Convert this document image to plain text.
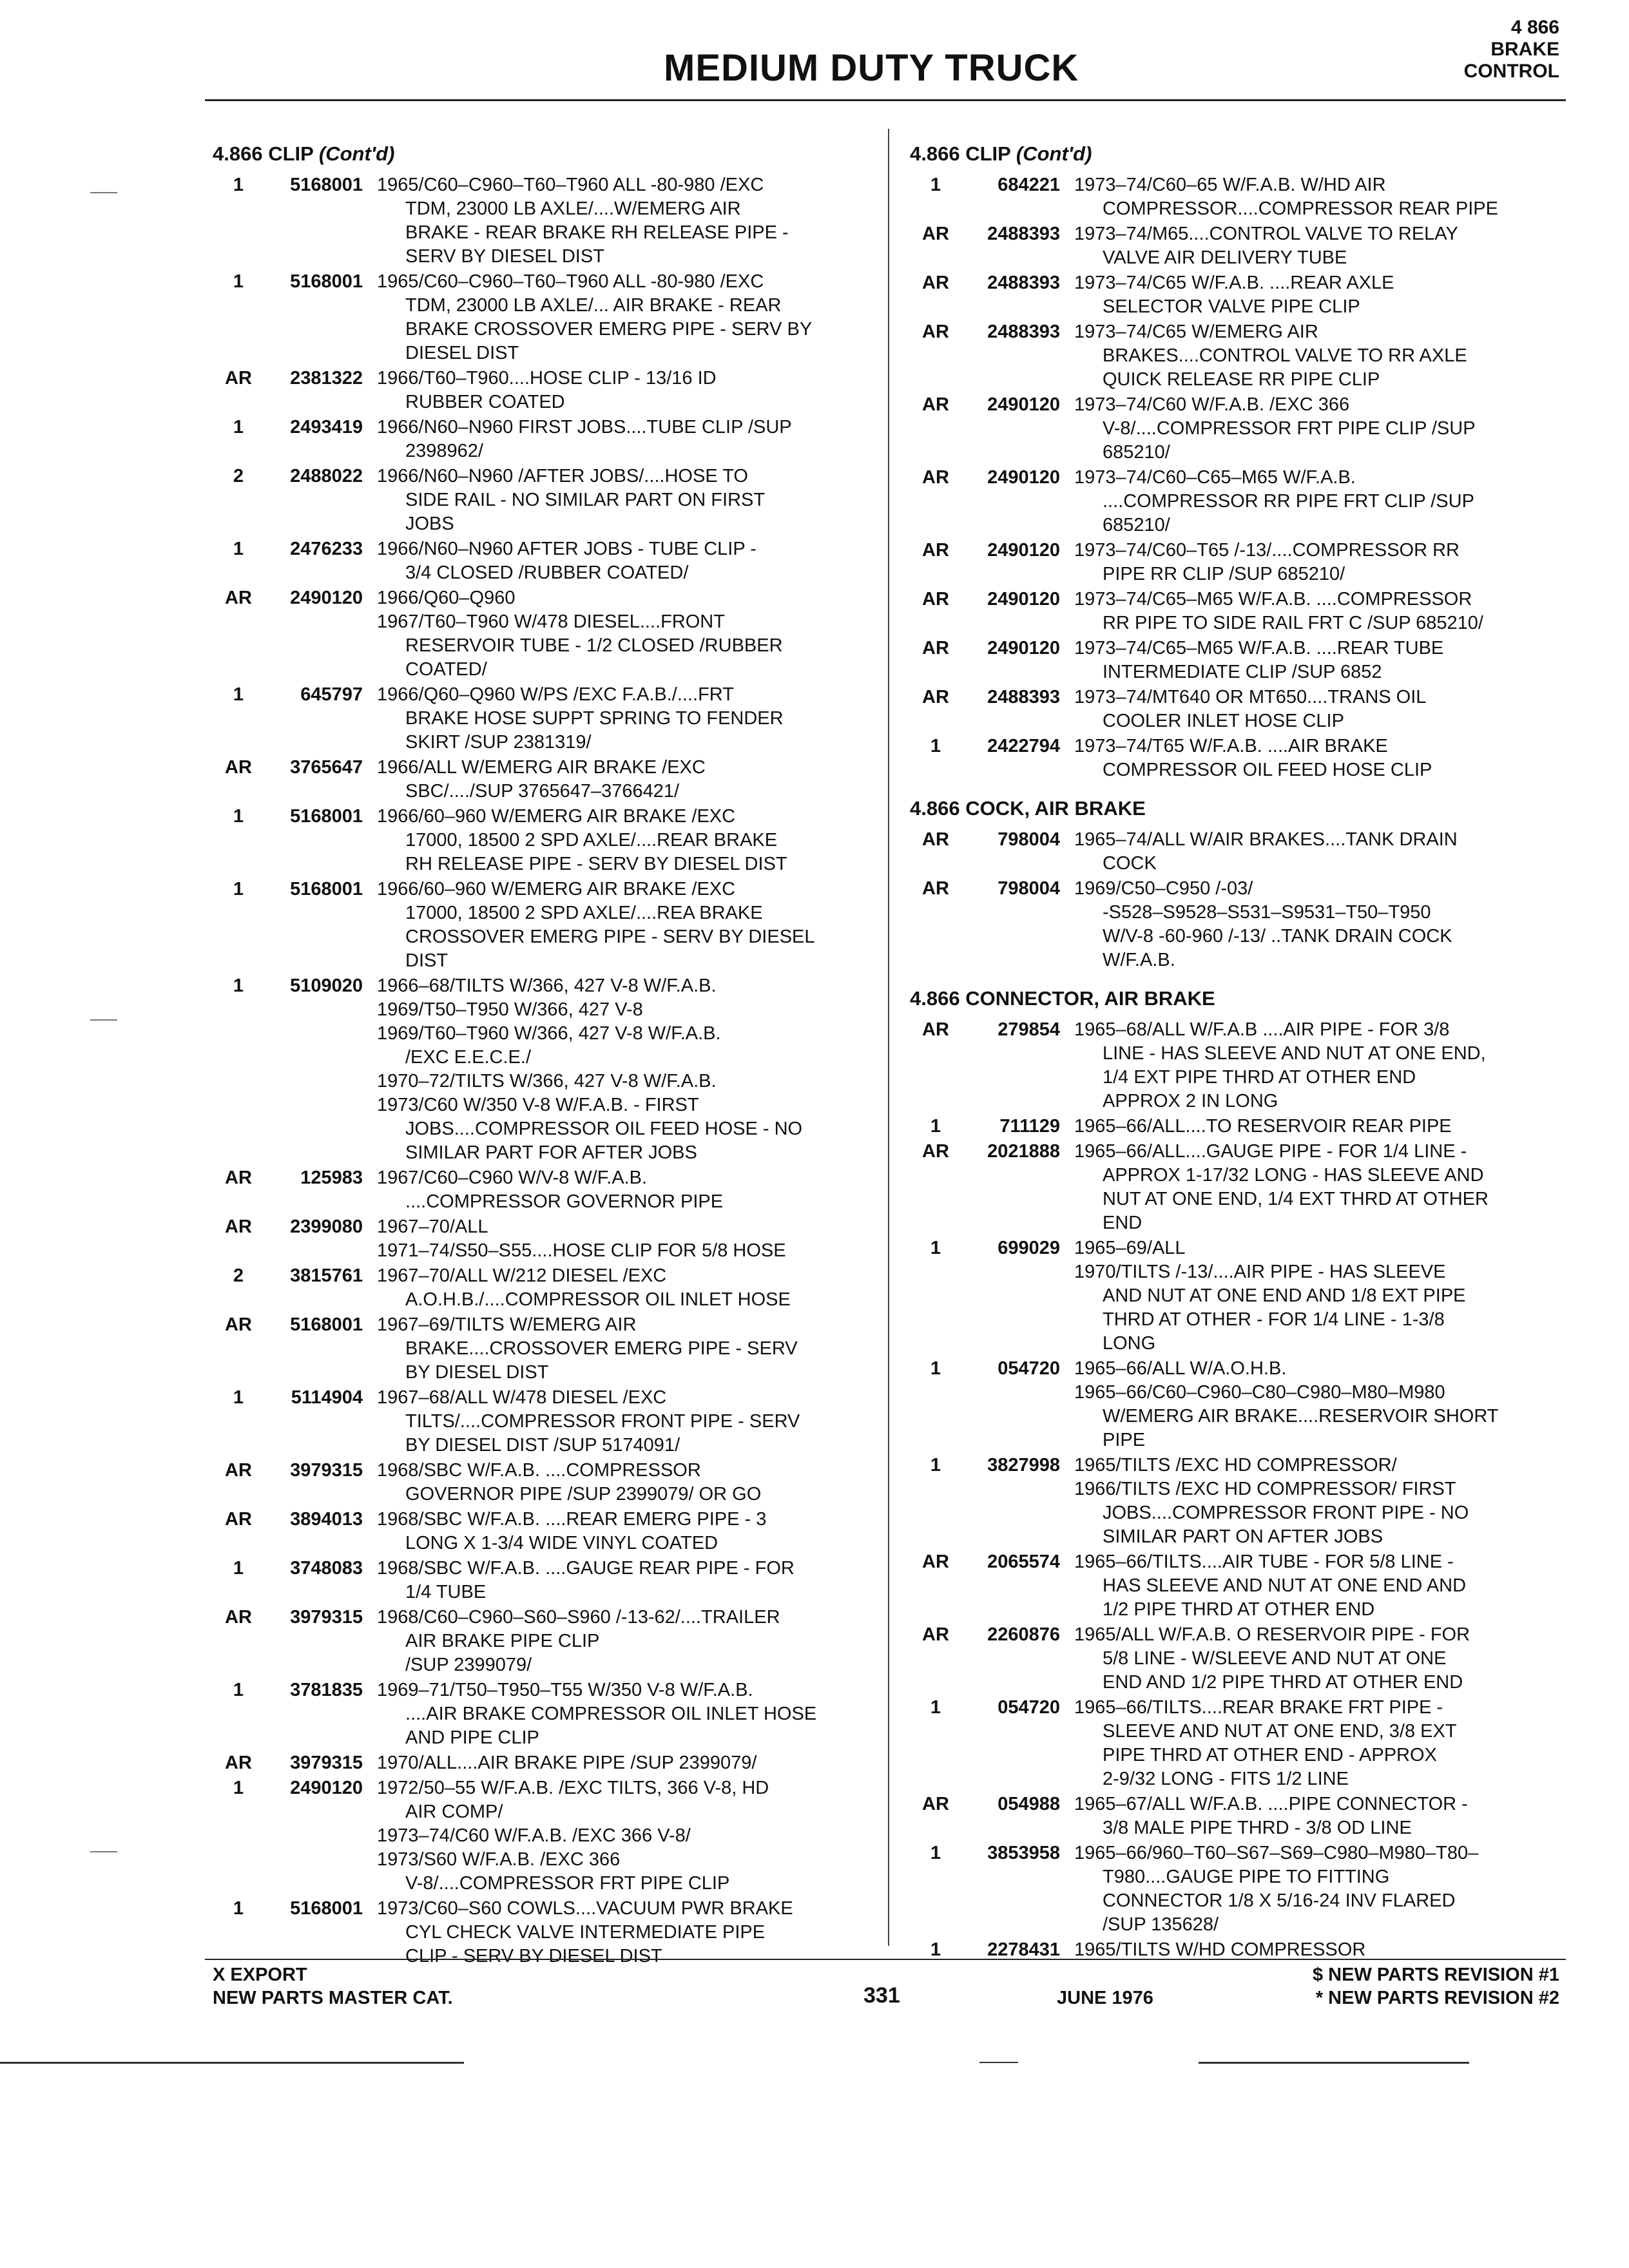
MEDIUM DUTY TRUCK
4 866
BRAKE
CONTROL
4.866 CLIP (Cont'd)
1	5168001 1965/C60–C960–T60–T960 ALL -80-980 /EXC
TDM, 23000 LB AXLE/....W/EMERG AIR
BRAKE - REAR BRAKE RH RELEASE PIPE -
SERV BY DIESEL DIST
1	5168001 1965/C60–C960–T60–T960 ALL -80-980 /EXC
TDM, 23000 LB AXLE/... AIR BRAKE - REAR
BRAKE CROSSOVER EMERG PIPE - SERV BY
DIESEL DIST
AR	2381322 1966/T60–T960....HOSE CLIP - 13/16 ID
RUBBER COATED
1	2493419 1966/N60–N960 FIRST JOBS....TUBE CLIP /SUP
2398962/
2	2488022 1966/N60–N960 /AFTER JOBS/....HOSE TO
SIDE RAIL - NO SIMILAR PART ON FIRST
JOBS
1	2476233 1966/N60–N960 AFTER JOBS - TUBE CLIP -
3/4 CLOSED /RUBBER COATED/
AR	2490120 1966/Q60–Q960
1967/T60–T960 W/478 DIESEL....FRONT
RESERVOIR TUBE - 1/2 CLOSED /RUBBER
COATED/
1	645797 1966/Q60–Q960 W/PS /EXC F.A.B./....FRT
BRAKE HOSE SUPPT SPRING TO FENDER
SKIRT /SUP 2381319/
AR	3765647 1966/ALL W/EMERG AIR BRAKE /EXC
SBC/..../SUP 3765647–3766421/
1	5168001 1966/60–960 W/EMERG AIR BRAKE /EXC
17000, 18500 2 SPD AXLE/....REAR BRAKE
RH RELEASE PIPE - SERV BY DIESEL DIST
1	5168001 1966/60–960 W/EMERG AIR BRAKE /EXC
17000, 18500 2 SPD AXLE/....REA BRAKE
CROSSOVER EMERG PIPE - SERV BY DIESEL
DIST
1	5109020 1966–68/TILTS W/366, 427 V-8 W/F.A.B.
1969/T50–T950 W/366, 427 V-8
1969/T60–T960 W/366, 427 V-8 W/F.A.B.
/EXC E.E.C.E./
1970–72/TILTS W/366, 427 V-8 W/F.A.B.
1973/C60 W/350 V-8 W/F.A.B. - FIRST
JOBS....COMPRESSOR OIL FEED HOSE - NO
SIMILAR PART FOR AFTER JOBS
AR	125983 1967/C60–C960 W/V-8 W/F.A.B.
....COMPRESSOR GOVERNOR PIPE
AR	2399080 1967–70/ALL
1971–74/S50–S55....HOSE CLIP FOR 5/8 HOSE
2	3815761 1967–70/ALL W/212 DIESEL /EXC
A.O.H.B./....COMPRESSOR OIL INLET HOSE
AR	5168001 1967–69/TILTS W/EMERG AIR
BRAKE....CROSSOVER EMERG PIPE - SERV
BY DIESEL DIST
1	5114904 1967–68/ALL W/478 DIESEL /EXC
TILTS/....COMPRESSOR FRONT PIPE - SERV
BY DIESEL DIST /SUP 5174091/
AR	3979315 1968/SBC W/F.A.B. ....COMPRESSOR
GOVERNOR PIPE /SUP 2399079/ OR GO
AR	3894013 1968/SBC W/F.A.B. ....REAR EMERG PIPE - 3
LONG X 1-3/4 WIDE VINYL COATED
1	3748083 1968/SBC W/F.A.B. ....GAUGE REAR PIPE - FOR
1/4 TUBE
AR	3979315 1968/C60–C960–S60–S960 /-13-62/....TRAILER
AIR BRAKE PIPE CLIP
/SUP 2399079/
1	3781835 1969–71/T50–T950–T55 W/350 V-8 W/F.A.B.
....AIR BRAKE COMPRESSOR OIL INLET HOSE
AND PIPE CLIP
AR	3979315 1970/ALL....AIR BRAKE PIPE /SUP 2399079/
1	2490120 1972/50–55 W/F.A.B. /EXC TILTS, 366 V-8, HD
AIR COMP/
1973–74/C60 W/F.A.B. /EXC 366 V-8/
1973/S60 W/F.A.B. /EXC 366
V-8/....COMPRESSOR FRT PIPE CLIP
1	5168001 1973/C60–S60 COWLS....VACUUM PWR BRAKE
CYL CHECK VALVE INTERMEDIATE PIPE
CLIP - SERV BY DIESEL DIST
4.866 CLIP (Cont'd)
1	684221 1973–74/C60–65 W/F.A.B. W/HD AIR
COMPRESSOR....COMPRESSOR REAR PIPE
AR	2488393 1973–74/M65....CONTROL VALVE TO RELAY
VALVE AIR DELIVERY TUBE
AR	2488393 1973–74/C65 W/F.A.B. ....REAR AXLE
SELECTOR VALVE PIPE CLIP
AR	2488393 1973–74/C65 W/EMERG AIR
BRAKES....CONTROL VALVE TO RR AXLE
QUICK RELEASE RR PIPE CLIP
AR	2490120 1973–74/C60 W/F.A.B. /EXC 366
V-8/....COMPRESSOR FRT PIPE CLIP /SUP
685210/
AR	2490120 1973–74/C60–C65–M65 W/F.A.B.
....COMPRESSOR RR PIPE FRT CLIP /SUP
685210/
AR	2490120 1973–74/C60–T65 /-13/....COMPRESSOR RR
PIPE RR CLIP /SUP 685210/
AR	2490120 1973–74/C65–M65 W/F.A.B. ....COMPRESSOR
RR PIPE TO SIDE RAIL FRT C /SUP 685210/
AR	2490120 1973–74/C65–M65 W/F.A.B. ....REAR TUBE
INTERMEDIATE CLIP /SUP 6852
AR	2488393 1973–74/MT640 OR MT650....TRANS OIL
COOLER INLET HOSE CLIP
1	2422794 1973–74/T65 W/F.A.B. ....AIR BRAKE
COMPRESSOR OIL FEED HOSE CLIP
4.866 COCK, AIR BRAKE
AR	798004 1965–74/ALL W/AIR BRAKES....TANK DRAIN
COCK
AR	798004 1969/C50–C950 /-03/
-S528–S9528–S531–S9531–T50–T950
W/V-8 -60-960 /-13/ ..TANK DRAIN COCK
W/F.A.B.
4.866 CONNECTOR, AIR BRAKE
AR	279854 1965–68/ALL W/F.A.B ....AIR PIPE - FOR 3/8
LINE - HAS SLEEVE AND NUT AT ONE END,
1/4 EXT PIPE THRD AT OTHER END
APPROX 2 IN LONG
1	711129 1965–66/ALL....TO RESERVOIR REAR PIPE
AR	2021888 1965–66/ALL....GAUGE PIPE - FOR 1/4 LINE -
APPROX 1-17/32 LONG - HAS SLEEVE AND
NUT AT ONE END, 1/4 EXT THRD AT OTHER
END
1	699029 1965–69/ALL
1970/TILTS /-13/....AIR PIPE - HAS SLEEVE
AND NUT AT ONE END AND 1/8 EXT PIPE
THRD AT OTHER - FOR 1/4 LINE - 1-3/8
LONG
1	054720 1965–66/ALL W/A.O.H.B.
1965–66/C60–C960–C80–C980–M80–M980
W/EMERG AIR BRAKE....RESERVOIR SHORT
PIPE
1	3827998 1965/TILTS /EXC HD COMPRESSOR/
1966/TILTS /EXC HD COMPRESSOR/ FIRST
JOBS....COMPRESSOR FRONT PIPE - NO
SIMILAR PART ON AFTER JOBS
AR	2065574 1965–66/TILTS....AIR TUBE - FOR 5/8 LINE -
HAS SLEEVE AND NUT AT ONE END AND
1/2 PIPE THRD AT OTHER END
AR	2260876 1965/ALL W/F.A.B. O RESERVOIR PIPE - FOR
5/8 LINE - W/SLEEVE AND NUT AT ONE
END AND 1/2 PIPE THRD AT OTHER END
1	054720 1965–66/TILTS....REAR BRAKE FRT PIPE -
SLEEVE AND NUT AT ONE END, 3/8 EXT
PIPE THRD AT OTHER END - APPROX
2-9/32 LONG - FITS 1/2 LINE
AR	054988 1965–67/ALL W/F.A.B. ....PIPE CONNECTOR -
3/8 MALE PIPE THRD - 3/8 OD LINE
1	3853958 1965–66/960–T60–S67–S69–C980–M980–T80–
T980....GAUGE PIPE TO FITTING
CONNECTOR 1/8 X 5/16-24 INV FLARED
/SUP 135628/
1	2278431 1965/TILTS W/HD COMPRESSOR
X EXPORT
NEW PARTS MASTER CAT.	331	JUNE 1976
$ NEW PARTS REVISION #1
* NEW PARTS REVISION #2
